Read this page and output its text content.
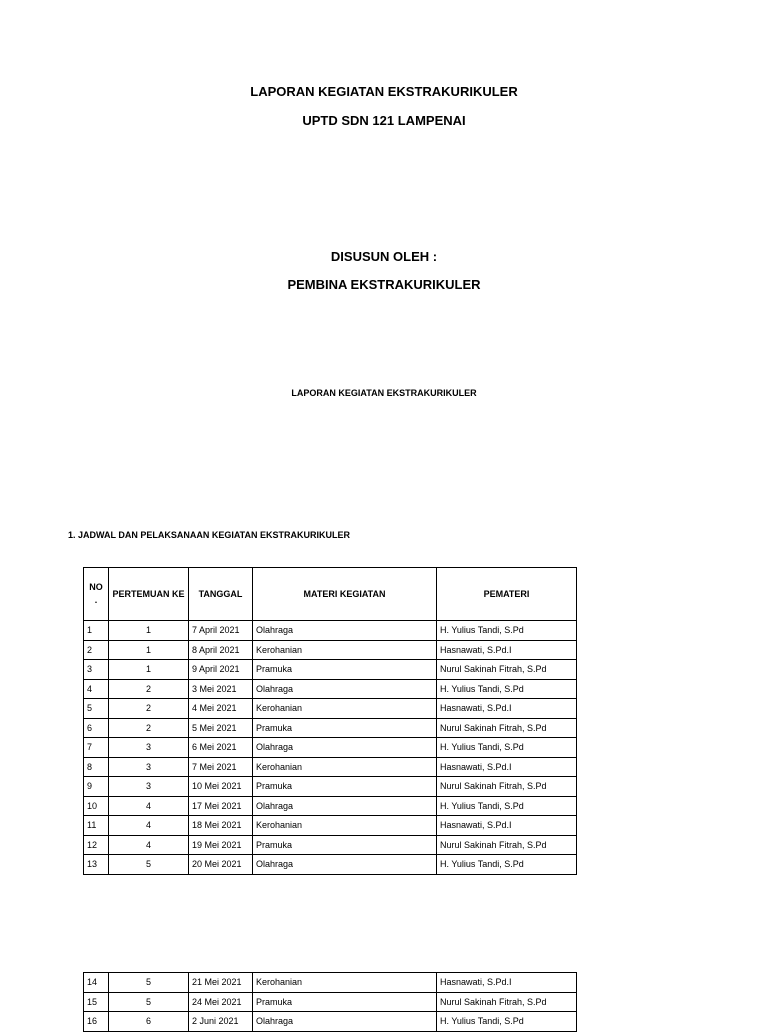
LAPORAN KEGIATAN EKSTRAKURIKULER
UPTD SDN 121 LAMPENAI
DISUSUN OLEH :
PEMBINA EKSTRAKURIKULER
LAPORAN KEGIATAN EKSTRAKURIKULER
1. JADWAL DAN PELAKSANAAN KEGIATAN EKSTRAKURIKULER
NO
.	PERTEMUAN KE	TANGGAL	MATERI KEGIATAN	PEMATERI
1	1	7 April 2021	Olahraga	H. Yulius Tandi, S.Pd
2	1	8 April 2021	Kerohanian	Hasnawati, S.Pd.I
3	1	9 April 2021	Pramuka	Nurul Sakinah Fitrah, S.Pd
4	2	3 Mei 2021	Olahraga	H. Yulius Tandi, S.Pd
5	2	4 Mei 2021	Kerohanian	Hasnawati, S.Pd.I
6	2	5 Mei 2021	Pramuka	Nurul Sakinah Fitrah, S.Pd
7	3	6 Mei 2021	Olahraga	H. Yulius Tandi, S.Pd
8	3	7 Mei 2021	Kerohanian	Hasnawati, S.Pd.I
9	3	10 Mei 2021	Pramuka	Nurul Sakinah Fitrah, S.Pd
10	4	17 Mei 2021	Olahraga	H. Yulius Tandi, S.Pd
11	4	18 Mei 2021	Kerohanian	Hasnawati, S.Pd.I
12	4	19 Mei 2021	Pramuka	Nurul Sakinah Fitrah, S.Pd
13	5	20 Mei 2021	Olahraga	H. Yulius Tandi, S.Pd
14	5	21 Mei 2021	Kerohanian	Hasnawati, S.Pd.I
15	5	24 Mei 2021	Pramuka	Nurul Sakinah Fitrah, S.Pd
16	6	2 Juni 2021	Olahraga	H. Yulius Tandi, S.Pd
